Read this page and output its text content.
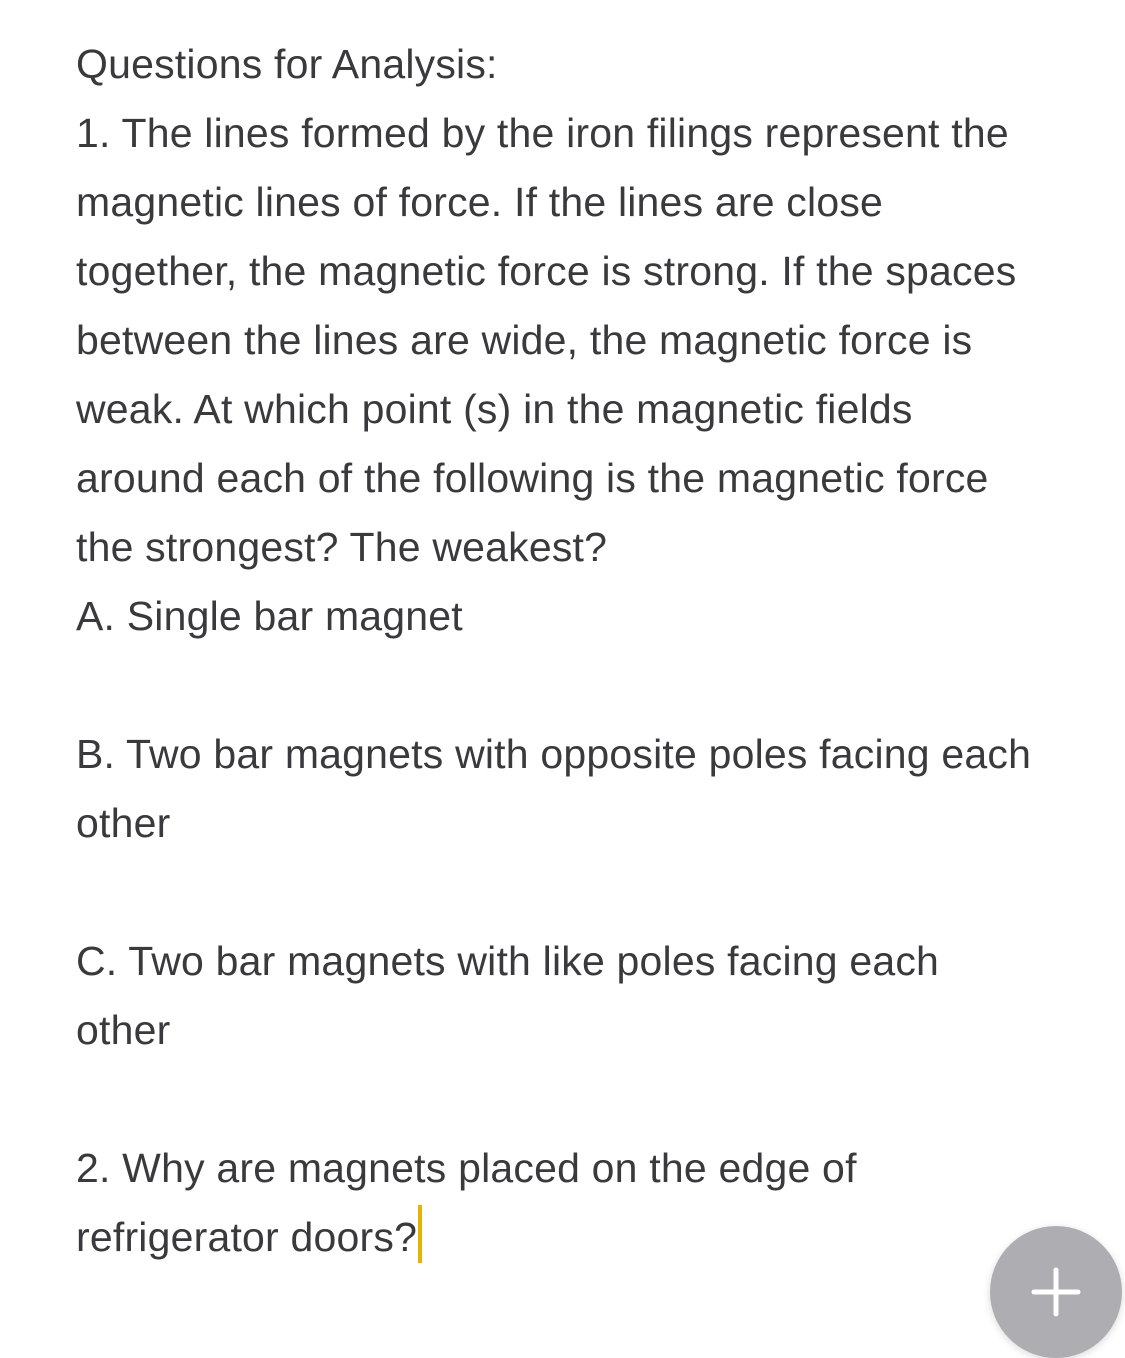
Questions for Analysis:
1. The lines formed by the iron filings represent the
magnetic lines of force. If the lines are close
together, the magnetic force is strong. If the spaces
between the lines are wide, the magnetic force is
weak. At which point (s) in the magnetic fields
around each of the following is the magnetic force
the strongest? The weakest?
A. Single bar magnet
B. Two bar magnets with opposite poles facing each
other
C. Two bar magnets with like poles facing each
other
2. Why are magnets placed on the edge of
refrigerator doors?
